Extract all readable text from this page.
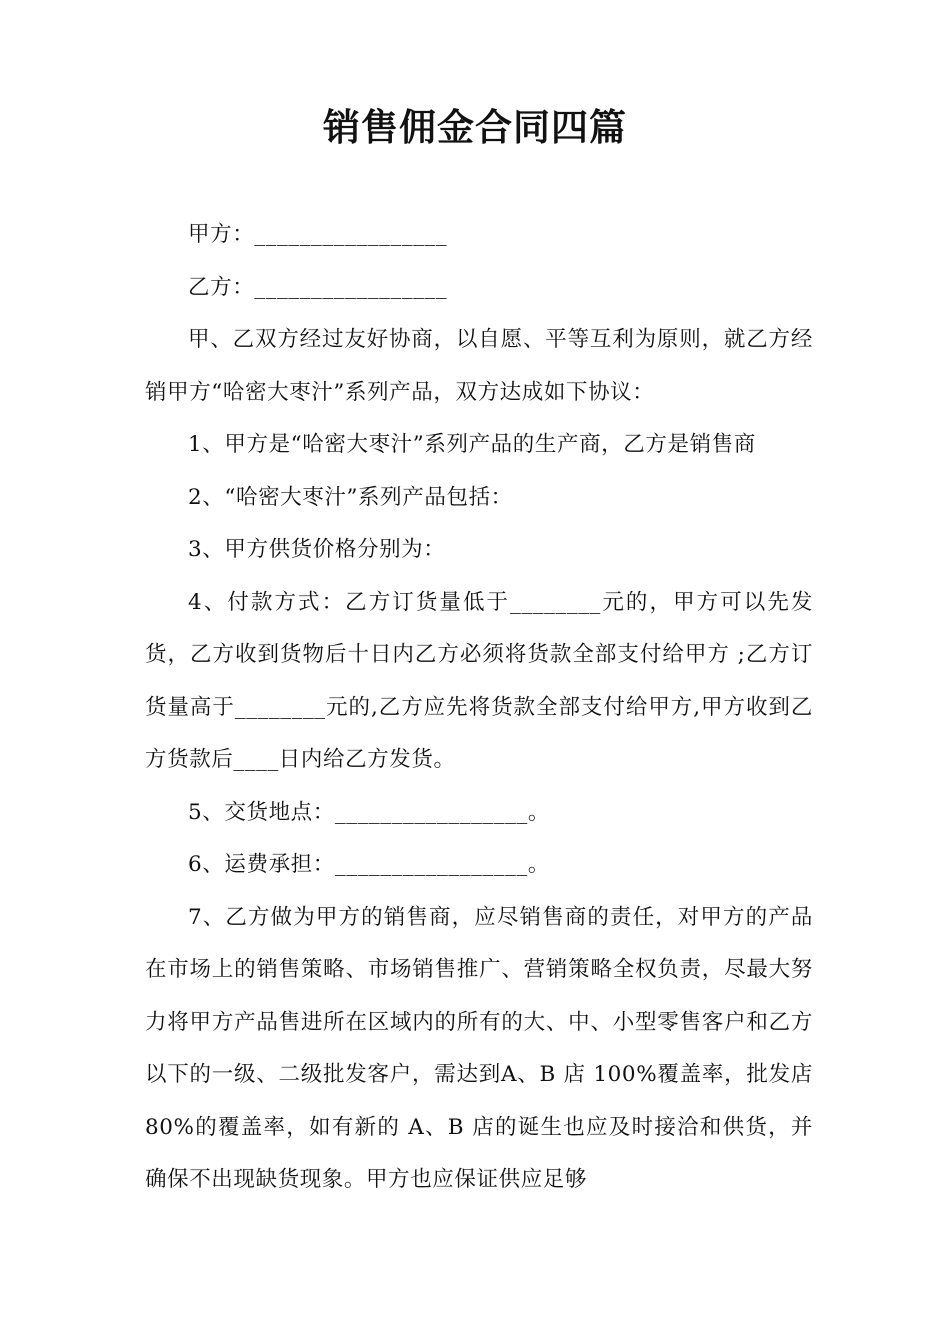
销售佣金合同四篇

甲方：_________________

乙方：_________________

甲、乙双方经过友好协商，以自愿、平等互利为原则，就乙方经销甲方“哈密大枣汁”系列产品，双方达成如下协议：

1、甲方是“哈密大枣汁”系列产品的生产商，乙方是销售商

2、“哈密大枣汁”系列产品包括：

3、甲方供货价格分别为：

4、付款方式：乙方订货量低于________元的，甲方可以先发货，乙方收到货物后十日内乙方必须将货款全部支付给甲方 ;乙方订货量高于________元的,乙方应先将货款全部支付给甲方,甲方收到乙方货款后____日内给乙方发货。

5、交货地点：_________________。

6、运费承担：_________________。

7、乙方做为甲方的销售商，应尽销售商的责任，对甲方的产品在市场上的销售策略、市场销售推广、营销策略全权负责，尽最大努力将甲方产品售进所在区域内的所有的大、中、小型零售客户和乙方以下的一级、二级批发客户，需达到A、B 店 100%覆盖率，批发店 80%的覆盖率，如有新的 A、B 店的诞生也应及时接洽和供货，并确保不出现缺货现象。甲方也应保证供应足够
